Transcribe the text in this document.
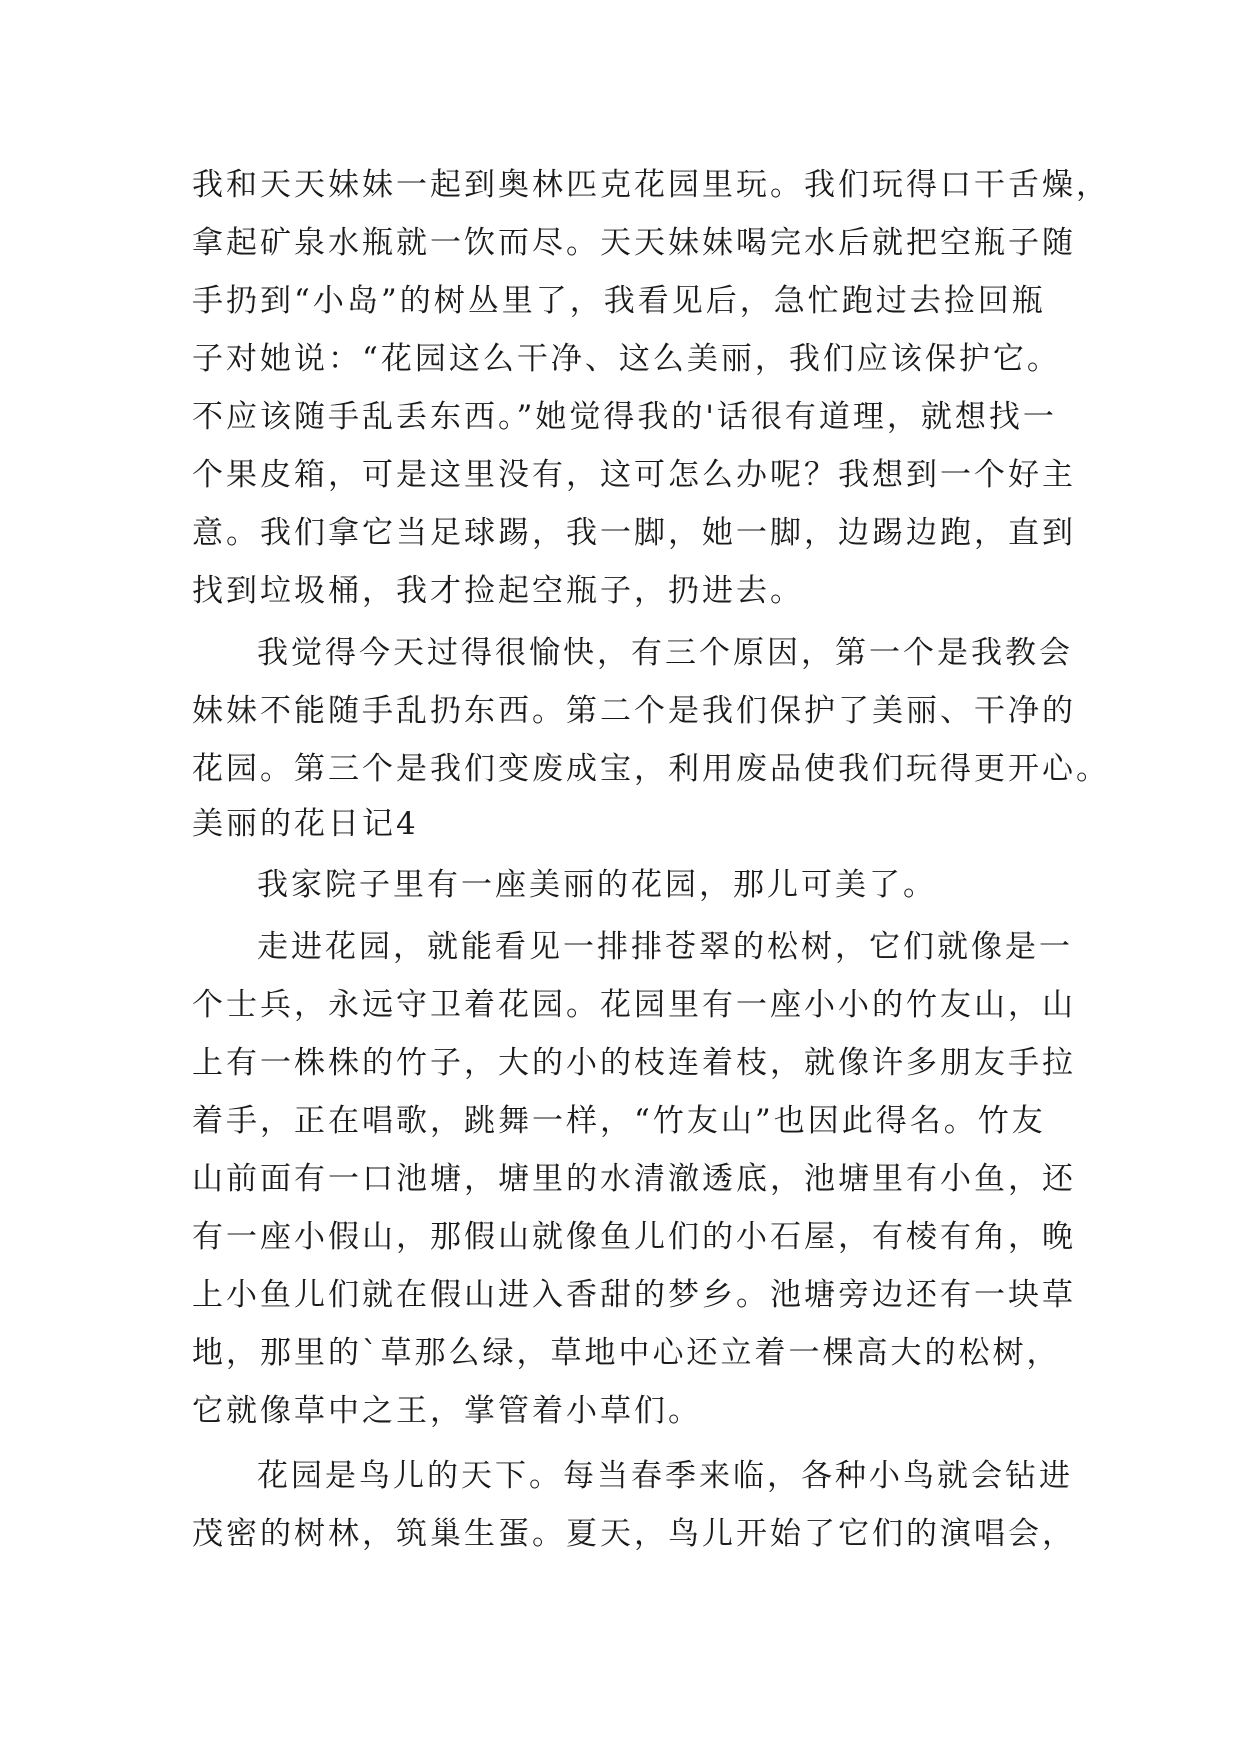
我和天天妹妹一起到奥林匹克花园里玩。我们玩得口干舌燥，
拿起矿泉水瓶就一饮而尽。天天妹妹喝完水后就把空瓶子随
手扔到“小岛”的树丛里了，我看见后，急忙跑过去捡回瓶
子对她说：“花园这么干净、这么美丽，我们应该保护它。
不应该随手乱丢东西。”她觉得我的'话很有道理，就想找一
个果皮箱，可是这里没有，这可怎么办呢？我想到一个好主
意。我们拿它当足球踢，我一脚，她一脚，边踢边跑，直到
找到垃圾桶，我才捡起空瓶子，扔进去。
我觉得今天过得很愉快，有三个原因，第一个是我教会
妹妹不能随手乱扔东西。第二个是我们保护了美丽、干净的
花园。第三个是我们变废成宝，利用废品使我们玩得更开心。
美丽的花日记4
我家院子里有一座美丽的花园，那儿可美了。
走进花园，就能看见一排排苍翠的松树，它们就像是一
个士兵，永远守卫着花园。花园里有一座小小的竹友山，山
上有一株株的竹子，大的小的枝连着枝，就像许多朋友手拉
着手，正在唱歌，跳舞一样，“竹友山”也因此得名。竹友
山前面有一口池塘，塘里的水清澈透底，池塘里有小鱼，还
有一座小假山，那假山就像鱼儿们的小石屋，有棱有角，晚
上小鱼儿们就在假山进入香甜的梦乡。池塘旁边还有一块草
地，那里的`草那么绿，草地中心还立着一棵高大的松树，
它就像草中之王，掌管着小草们。
花园是鸟儿的天下。每当春季来临，各种小鸟就会钻进
茂密的树林，筑巢生蛋。夏天，鸟儿开始了它们的演唱会，
